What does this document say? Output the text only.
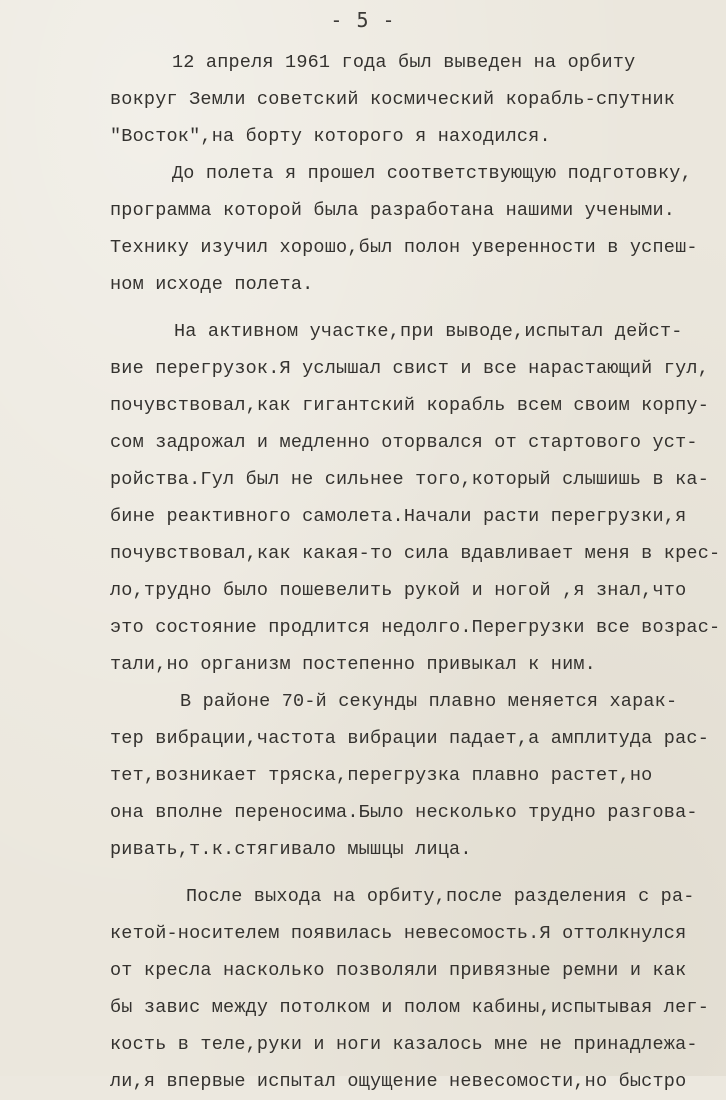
- 5 -
12 апреля 1961 года был выведен на орбиту
вокруг Земли советский космический корабль-спутник
"Восток",на борту которого я находился.
До полета я прошел соответствующую подготовку,
программа которой была разработана нашими учеными.
Технику изучил хорошо,был полон уверенности в успеш-
ном исходе полета.
На активном участке,при выводе,испытал дейст-
вие перегрузок.Я услышал свист и все нарастающий гул,
почувствовал,как гигантский корабль всем своим корпу-
сом задрожал и медленно оторвался от стартового уст-
ройства.Гул был не сильнее того,который слышишь в ка-
бине реактивного самолета.Начали расти перегрузки,я
почувствовал,как какая-то сила вдавливает меня в крес-
ло,трудно было пошевелить рукой и ногой ,я знал,что
это состояние продлится недолго.Перегрузки все возрас-
тали,но организм постепенно привыкал к ним.
В районе 70-й секунды плавно меняется харак-
тер вибрации,частота вибрации падает,а амплитуда рас-
тет,возникает тряска,перегрузка плавно растет,но
она вполне переносима.Было несколько трудно разгова-
ривать,т.к.стягивало мышцы лица.
После выхода на орбиту,после разделения с ра-
кетой-носителем появилась невесомость.Я оттолкнулся
от кресла насколько позволяли привязные ремни и как
бы завис между потолком и полом кабины,испытывая лег-
кость в теле,руки и ноги казалось мне не принадлежа-
ли,я впервые испытал ощущение невесомости,но быстро
